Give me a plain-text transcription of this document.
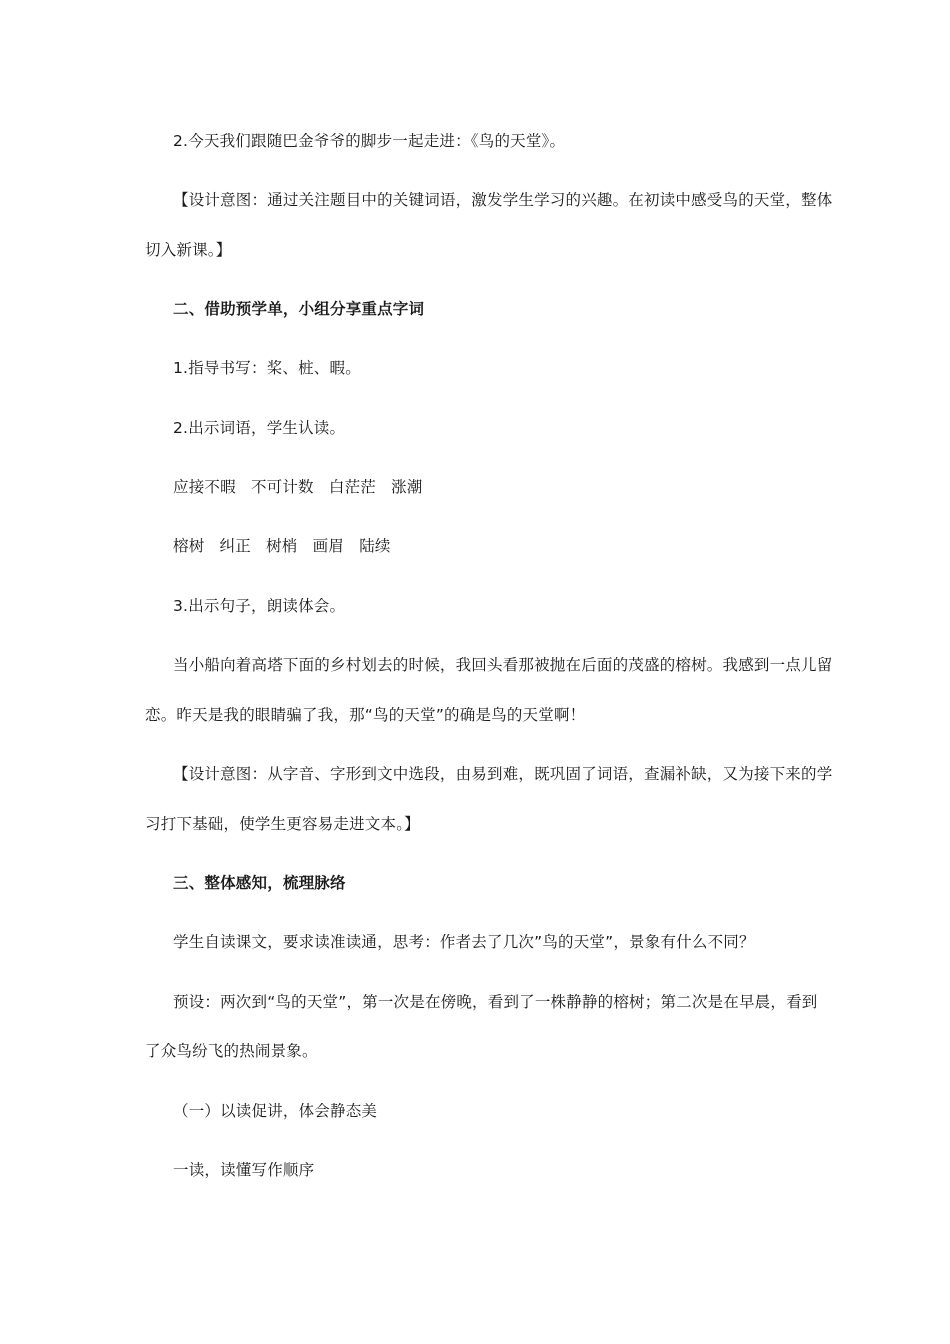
2.今天我们跟随巴金爷爷的脚步一起走进：《鸟的天堂》。
【设计意图：通过关注题目中的关键词语，激发学生学习的兴趣。在初读中感受鸟的天堂，整体
切入新课。】
二、借助预学单，小组分享重点字词
1.指导书写：桨、桩、暇。
2.出示词语，学生认读。
应接不暇 不可计数 白茫茫 涨潮
榕树 纠正 树梢 画眉 陆续
3.出示句子，朗读体会。
当小船向着高塔下面的乡村划去的时候，我回头看那被抛在后面的茂盛的榕树。我感到一点儿留
恋。昨天是我的眼睛骗了我，那“鸟的天堂”的确是鸟的天堂啊！
【设计意图：从字音、字形到文中选段，由易到难，既巩固了词语，查漏补缺，又为接下来的学
习打下基础，使学生更容易走进文本。】
三、整体感知，梳理脉络
学生自读课文，要求读准读通，思考：作者去了几次”鸟的天堂”，景象有什么不同？
预设：两次到“鸟的天堂”，第一次是在傍晚，看到了一株静静的榕树；第二次是在早晨，看到
了众鸟纷飞的热闹景象。
（一）以读促讲，体会静态美
一读，读懂写作顺序
